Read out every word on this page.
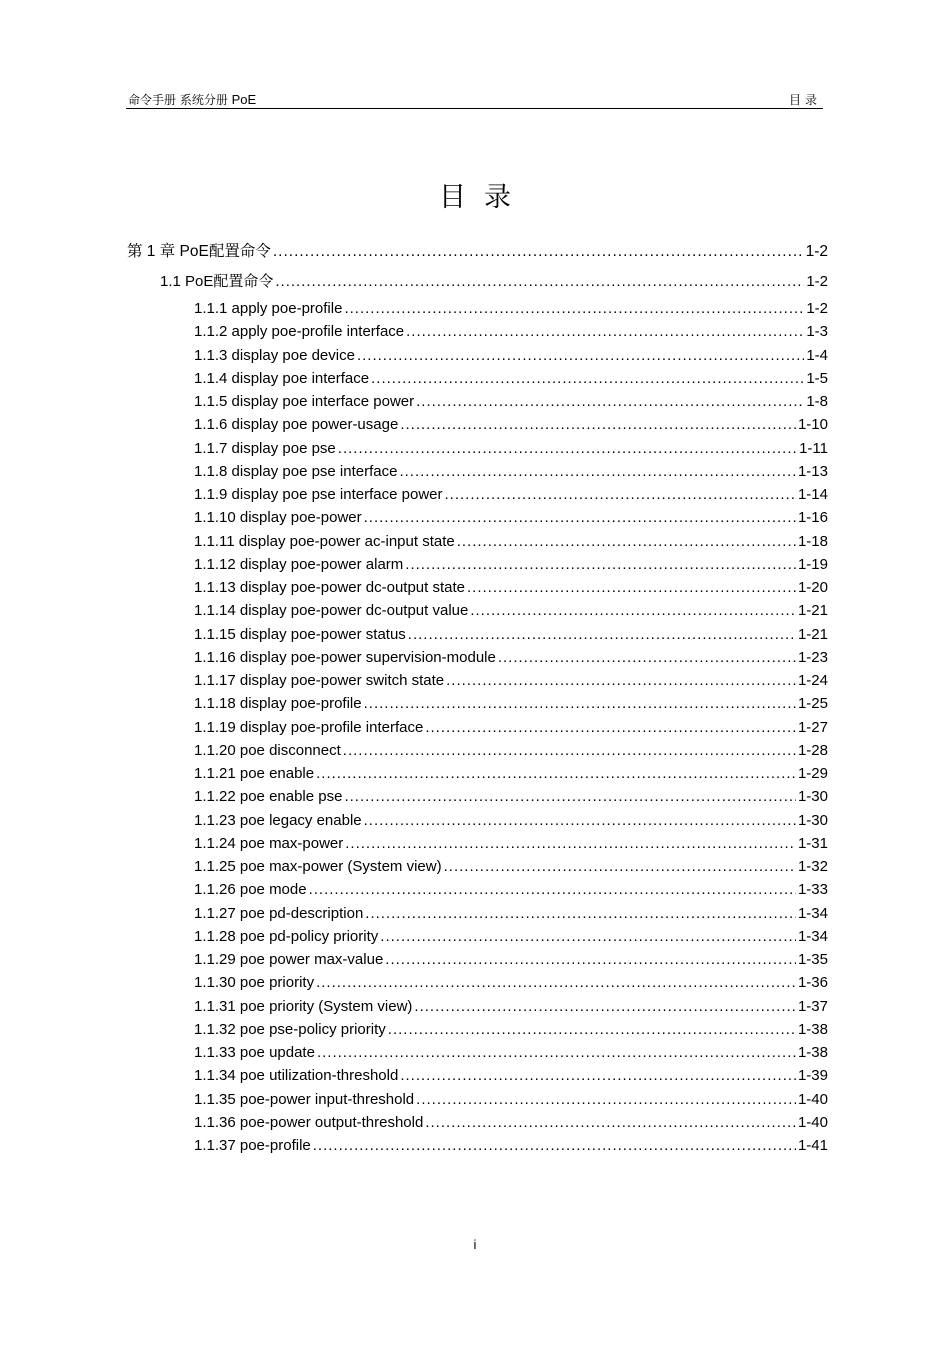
命令手册 系统分册 PoE	目录
目录
第 1 章 PoE配置命令 .....	1-2
1.1 PoE配置命令 .....	1-2
1.1.1 apply poe-profile .....	1-2
1.1.2 apply poe-profile interface .....	1-3
1.1.3 display poe device .....	1-4
1.1.4 display poe interface .....	1-5
1.1.5 display poe interface power .....	1-8
1.1.6 display poe power-usage .....	1-10
1.1.7 display poe pse .....	1-11
1.1.8 display poe pse interface .....	1-13
1.1.9 display poe pse interface power .....	1-14
1.1.10 display poe-power .....	1-16
1.1.11 display poe-power ac-input state .....	1-18
1.1.12 display poe-power alarm .....	1-19
1.1.13 display poe-power dc-output state .....	1-20
1.1.14 display poe-power dc-output value .....	1-21
1.1.15 display poe-power status .....	1-21
1.1.16 display poe-power supervision-module .....	1-23
1.1.17 display poe-power switch state .....	1-24
1.1.18 display poe-profile .....	1-25
1.1.19 display poe-profile interface .....	1-27
1.1.20 poe disconnect .....	1-28
1.1.21 poe enable .....	1-29
1.1.22 poe enable pse .....	1-30
1.1.23 poe legacy enable .....	1-30
1.1.24 poe max-power .....	1-31
1.1.25 poe max-power (System view) .....	1-32
1.1.26 poe mode .....	1-33
1.1.27 poe pd-description .....	1-34
1.1.28 poe pd-policy priority .....	1-34
1.1.29 poe power max-value .....	1-35
1.1.30 poe priority .....	1-36
1.1.31 poe priority (System view) .....	1-37
1.1.32 poe pse-policy priority .....	1-38
1.1.33 poe update .....	1-38
1.1.34 poe utilization-threshold .....	1-39
1.1.35 poe-power input-threshold .....	1-40
1.1.36 poe-power output-threshold .....	1-40
1.1.37 poe-profile .....	1-41
i
